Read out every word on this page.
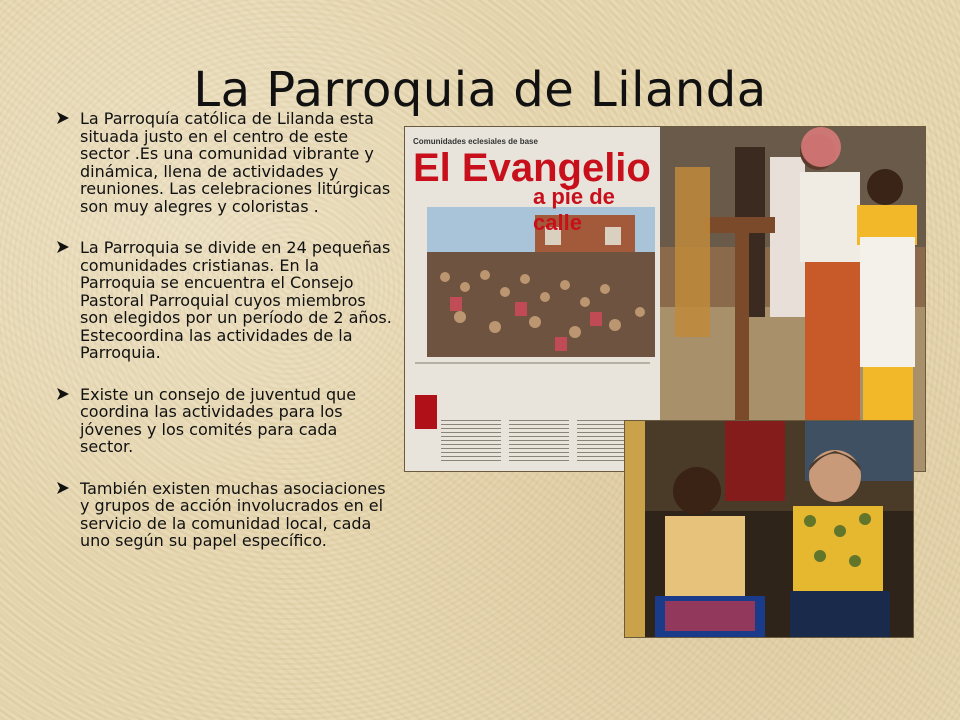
La Parroquia de Lilanda
La Parroquía católica de Lilanda esta situada justo en el centro de este sector .Es una comunidad vibrante y dinámica, llena de actividades y reuniones. Las celebraciones litúrgicas son muy alegres y coloristas .
La Parroquia se divide en 24 pequeñas comunidades cristianas. En la Parroquia se encuentra el Consejo Pastoral Parroquial cuyos miembros son elegidos por un período de 2 años. Estecoordina las actividades de la Parroquia.
Existe un consejo de juventud que coordina las actividades para los jóvenes y los comités para cada sector.
También existen muchas asociaciones y grupos de acción involucrados en el servicio de la comunidad local, cada uno según su papel específico.
Comunidades eclesiales de base
El Evangelio
a pie de calle
